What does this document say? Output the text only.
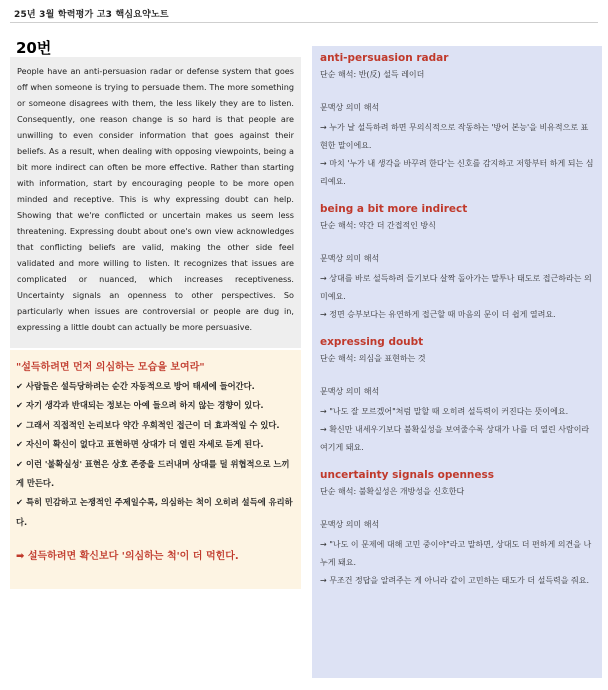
25년 3월 학력평가 고3 핵심요약노트
20번

People have an anti-persuasion radar or defense system that goes off when someone is trying to persuade them. The more something or someone disagrees with them, the less likely they are to listen. Consequently, one reason change is so hard is that people are unwilling to even consider information that goes against their beliefs. As a result, when dealing with opposing viewpoints, being a bit more indirect can often be more effective. Rather than starting with information, start by encouraging people to be more open minded and receptive. This is why expressing doubt can help. Showing that we're conflicted or uncertain makes us seem less threatening. Expressing doubt about one's own view acknowledges that conflicting beliefs are valid, making the other side feel validated and more willing to listen. It recognizes that issues are complicated or nuanced, which increases receptiveness. Uncertainty signals an openness to other perspectives. So particularly when issues are controversial or people are dug in, expressing a little doubt can actually be more persuasive.

"설득하려면 먼저 의심하는 모습을 보여라"
✔ 사람들은 설득당하려는 순간 자동적으로 방어 태세에 들어간다.
✔ 자기 생각과 반대되는 정보는 아예 들으려 하지 않는 경향이 있다.
✔ 그래서 직접적인 논리보다 약간 우회적인 접근이 더 효과적일 수 있다.
✔ 자신이 확신이 없다고 표현하면 상대가 더 열린 자세로 듣게 된다.
✔ 이런 '불확실성' 표현은 상호 존중을 드러내며 상대를 덜 위협적으로 느끼게 만든다.
✔ 특히 민감하고 논쟁적인 주제일수록, 의심하는 척이 오히려 설득에 유리하다.
➡ 설득하려면 확신보다 '의심하는 척'이 더 먹힌다.
anti-persuasion radar
단순 해석: 반(反) 설득 레이더
문맥상 의미 해석
→ 누가 날 설득하려 하면 무의식적으로 작동하는 '방어 본능'을 비유적으로 표현한 말이에요.
→ 마치 '누가 내 생각을 바꾸려 한다'는 신호를 감지하고 저항부터 하게 되는 심리예요.
being a bit more indirect
단순 해석: 약간 더 간접적인 방식
문맥상 의미 해석
→ 상대를 바로 설득하려 들기보다 살짝 돌아가는 말투나 태도로 접근하라는 의미예요.
→ 정면 승부보다는 유연하게 접근할 때 마음의 문이 더 쉽게 열려요.
expressing doubt
단순 해석: 의심을 표현하는 것
문맥상 의미 해석
→ "나도 잘 모르겠어"처럼 말할 때 오히려 설득력이 커진다는 뜻이에요.
→ 확신만 내세우기보다 불확실성을 보여줄수록 상대가 나를 더 열린 사람이라 여기게 돼요.
uncertainty signals openness
단순 해석: 불확실성은 개방성을 신호한다
문맥상 의미 해석
→ "나도 이 문제에 대해 고민 중이야"라고 말하면, 상대도 더 편하게 의견을 나누게 돼요.
→ 무조건 정답을 알려주는 게 아니라 같이 고민하는 태도가 더 설득력을 줘요.
